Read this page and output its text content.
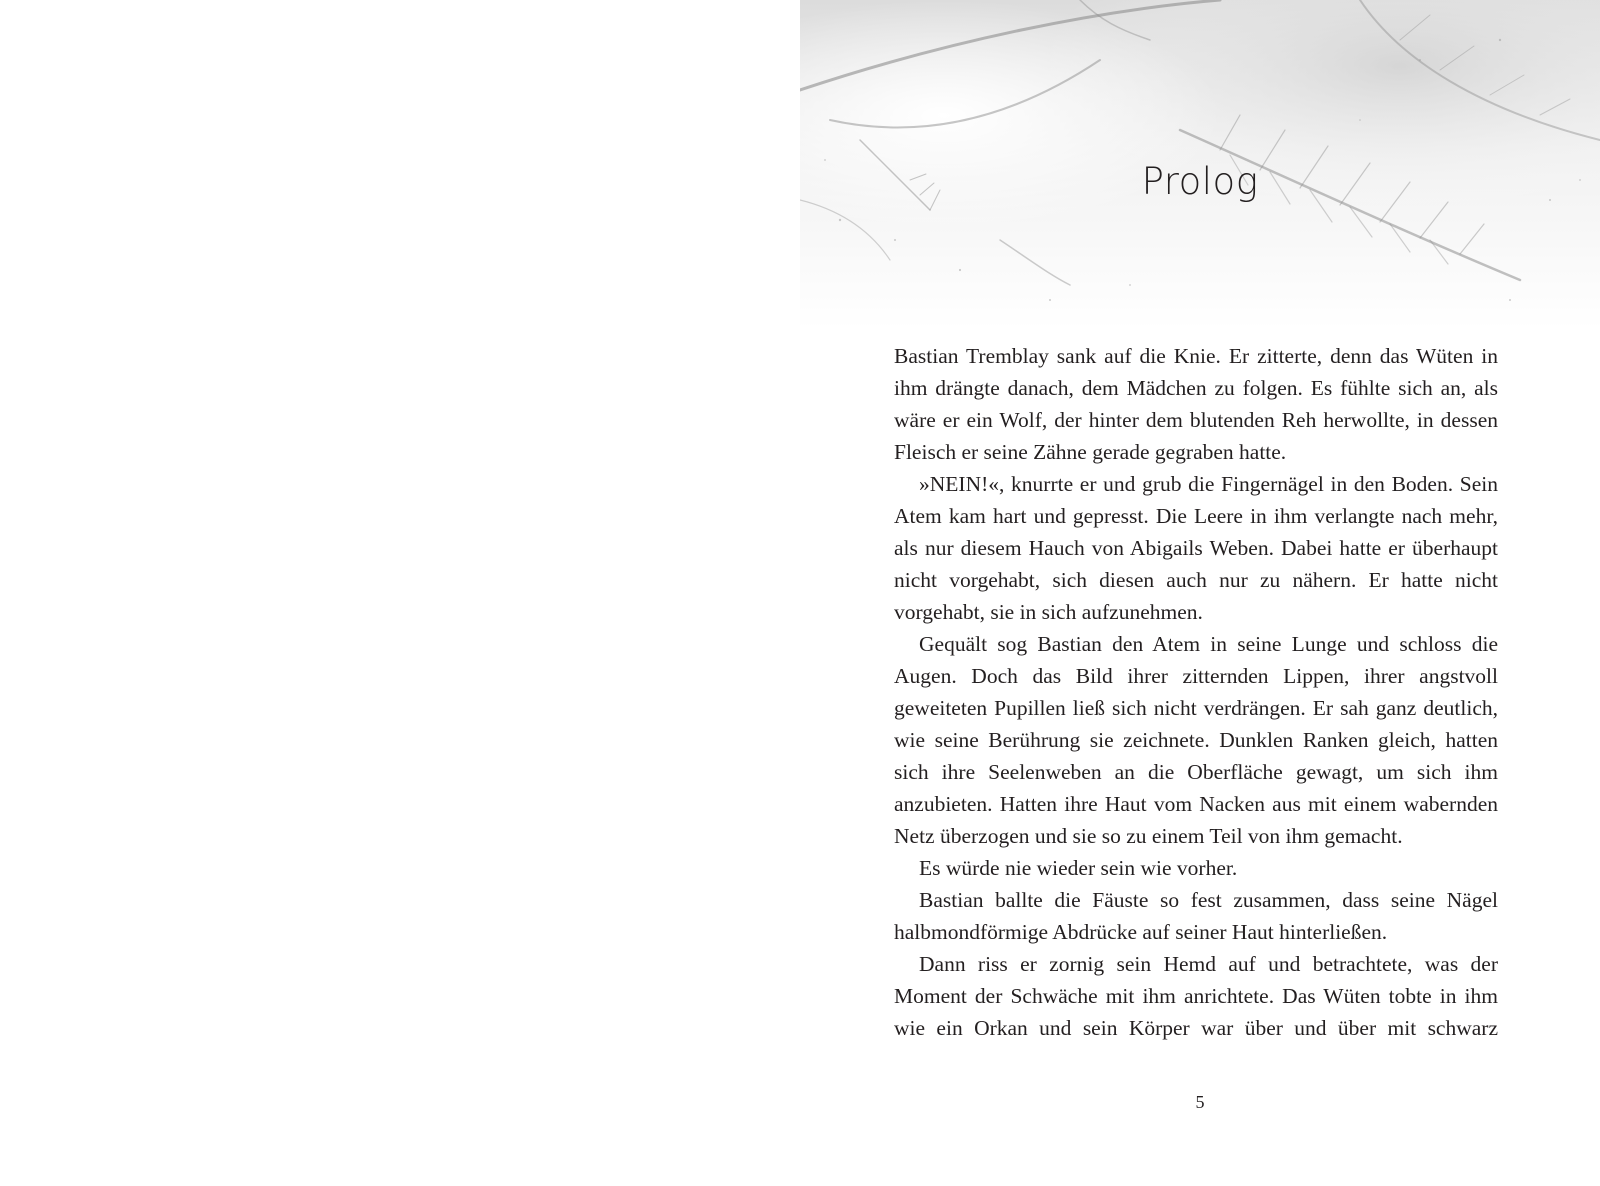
Prolog

Bastian Tremblay sank auf die Knie. Er zitterte, denn das Wüten in ihm drängte danach, dem Mädchen zu folgen. Es fühlte sich an, als wäre er ein Wolf, der hinter dem blutenden Reh herwollte, in dessen Fleisch er seine Zähne gerade gegraben hatte.

»NEIN!«, knurrte er und grub die Fingernägel in den Boden. Sein Atem kam hart und gepresst. Die Leere in ihm verlangte nach mehr, als nur diesem Hauch von Abigails Weben. Dabei hatte er überhaupt nicht vorgehabt, sich diesen auch nur zu nähern. Er hatte nicht vorgehabt, sie in sich aufzunehmen.

Gequält sog Bastian den Atem in seine Lunge und schloss die Augen. Doch das Bild ihrer zitternden Lippen, ihrer angstvoll geweiteten Pupillen ließ sich nicht verdrängen. Er sah ganz deutlich, wie seine Berührung sie zeichnete. Dunklen Ranken gleich, hatten sich ihre Seelenweben an die Oberfläche gewagt, um sich ihm anzubieten. Hatten ihre Haut vom Nacken aus mit einem wabernden Netz überzogen und sie so zu einem Teil von ihm gemacht.

Es würde nie wieder sein wie vorher.

Bastian ballte die Fäuste so fest zusammen, dass seine Nägel halbmondförmige Abdrücke auf seiner Haut hinterließen.

Dann riss er zornig sein Hemd auf und betrachtete, was der Moment der Schwäche mit ihm anrichtete. Das Wüten tobte in ihm wie ein Orkan und sein Körper war über und über mit schwarz

5
